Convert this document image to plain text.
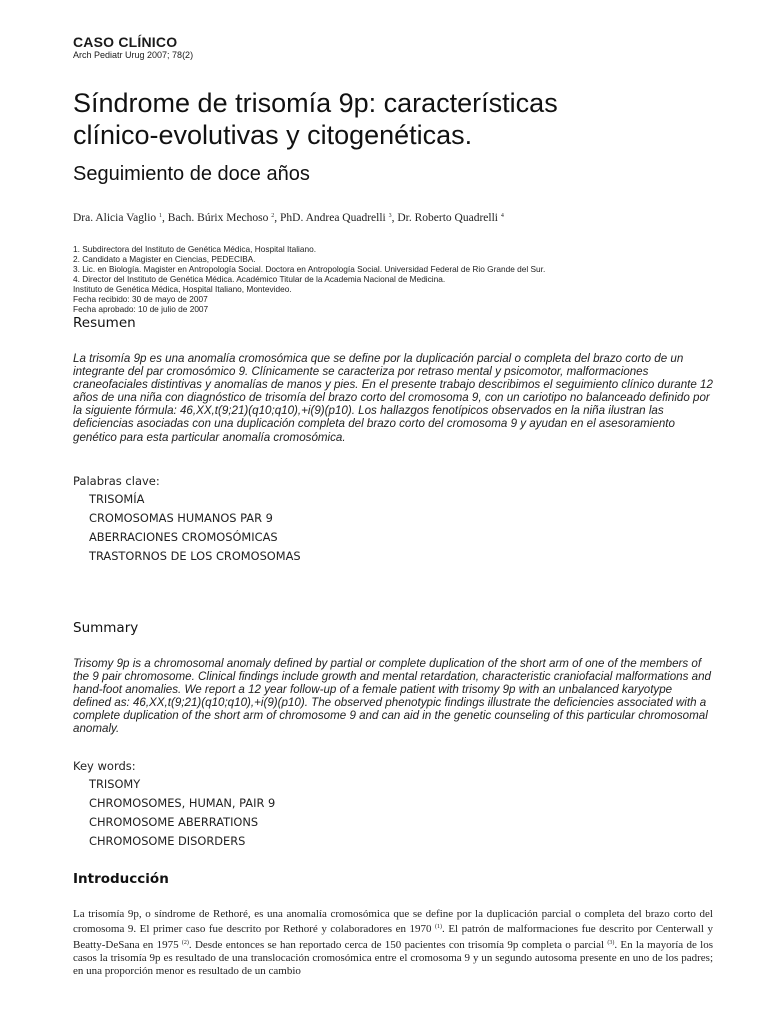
CASO CLÍNICO

Arch Pediatr Urug 2007; 78(2)

Síndrome de trisomía 9p: características
clínico-evolutivas y citogenéticas.

Seguimiento de doce años

Dra. Alicia Vaglio $^1$, Bach. Búrix Mechoso $^2$, PhD. Andrea Quadrelli $^3$, Dr. Roberto Quadrelli $^4$

1. Subdirectora del Instituto de Genética Médica, Hospital Italiano.
2. Candidato a Magister en Ciencias, PEDECIBA.
3. Lic. en Biología. Magister en Antropología Social. Doctora en Antropología Social. Universidad Federal de Rio Grande del Sur.
4. Director del Instituto de Genética Médica. Académico Titular de la Academia Nacional de Medicina.
Instituto de Genética Médica, Hospital Italiano, Montevideo.
Fecha recibido: 30 de mayo de 2007
Fecha aprobado: 10 de julio de 2007
Resumen

La trisomía 9p es una anomalía cromosómica que se define por la duplicación parcial o completa del brazo corto de un integrante del par cromosómico 9. Clínicamente se caracteriza por retraso mental y psicomotor, malformaciones craneofaciales distintivas y anomalías de manos y pies. En el presente trabajo describimos el seguimiento clínico durante 12 años de una niña con diagnóstico de trisomía del brazo corto del cromosoma 9, con un cariotipo no balanceado definido por la siguiente fórmula: 46,XX,t(9;21)(q10;q10),+i(9)(p10). Los hallazgos fenotípicos observados en la niña ilustran las deficiencias asociadas con una duplicación completa del brazo corto del cromosoma 9 y ayudan en el asesoramiento genético para esta particular anomalía cromosómica.

Palabras clave:

TRISOMÍA
CROMOSOMAS HUMANOS PAR 9
ABERRACIONES CROMOSÓMICAS
TRASTORNOS DE LOS CROMOSOMAS
Summary

Trisomy 9p is a chromosomal anomaly defined by partial or complete duplication of the short arm of one of the members of the 9 pair chromosome. Clinical findings include growth and mental retardation, characteristic craniofacial malformations and hand-foot anomalies. We report a 12 year follow-up of a female patient with trisomy 9p with an unbalanced karyotype defined as: 46,XX,t(9;21)(q10;q10),+i(9)(p10). The observed phenotypic findings illustrate the deficiencies associated with a complete duplication of the short arm of chromosome 9 and can aid in the genetic counseling of this particular chromosomal anomaly.

Key words:

TRISOMY
CHROMOSOMES, HUMAN, PAIR 9
CHROMOSOME ABERRATIONS
CHROMOSOME DISORDERS
Introducción

La trisomía 9p, o síndrome de Rethoré, es una anomalía cromosómica que se define por la duplicación parcial o completa del brazo corto del cromosoma 9. El primer caso fue descrito por Rethoré y colaboradores en 1970 $^{(1)}$. El patrón de malformaciones fue descrito por Centerwall y Beatty-DeSana en 1975 $^{(2)}$. Desde entonces se han reportado cerca de 150 pacientes con trisomía 9p completa o parcial $^{(3)}$. En la mayoría de los casos la trisomía 9p es resultado de una translocación cromosómica entre el cromosoma 9 y un segundo autosoma presente en uno de los padres; en una proporción menor es resultado de un cambio
